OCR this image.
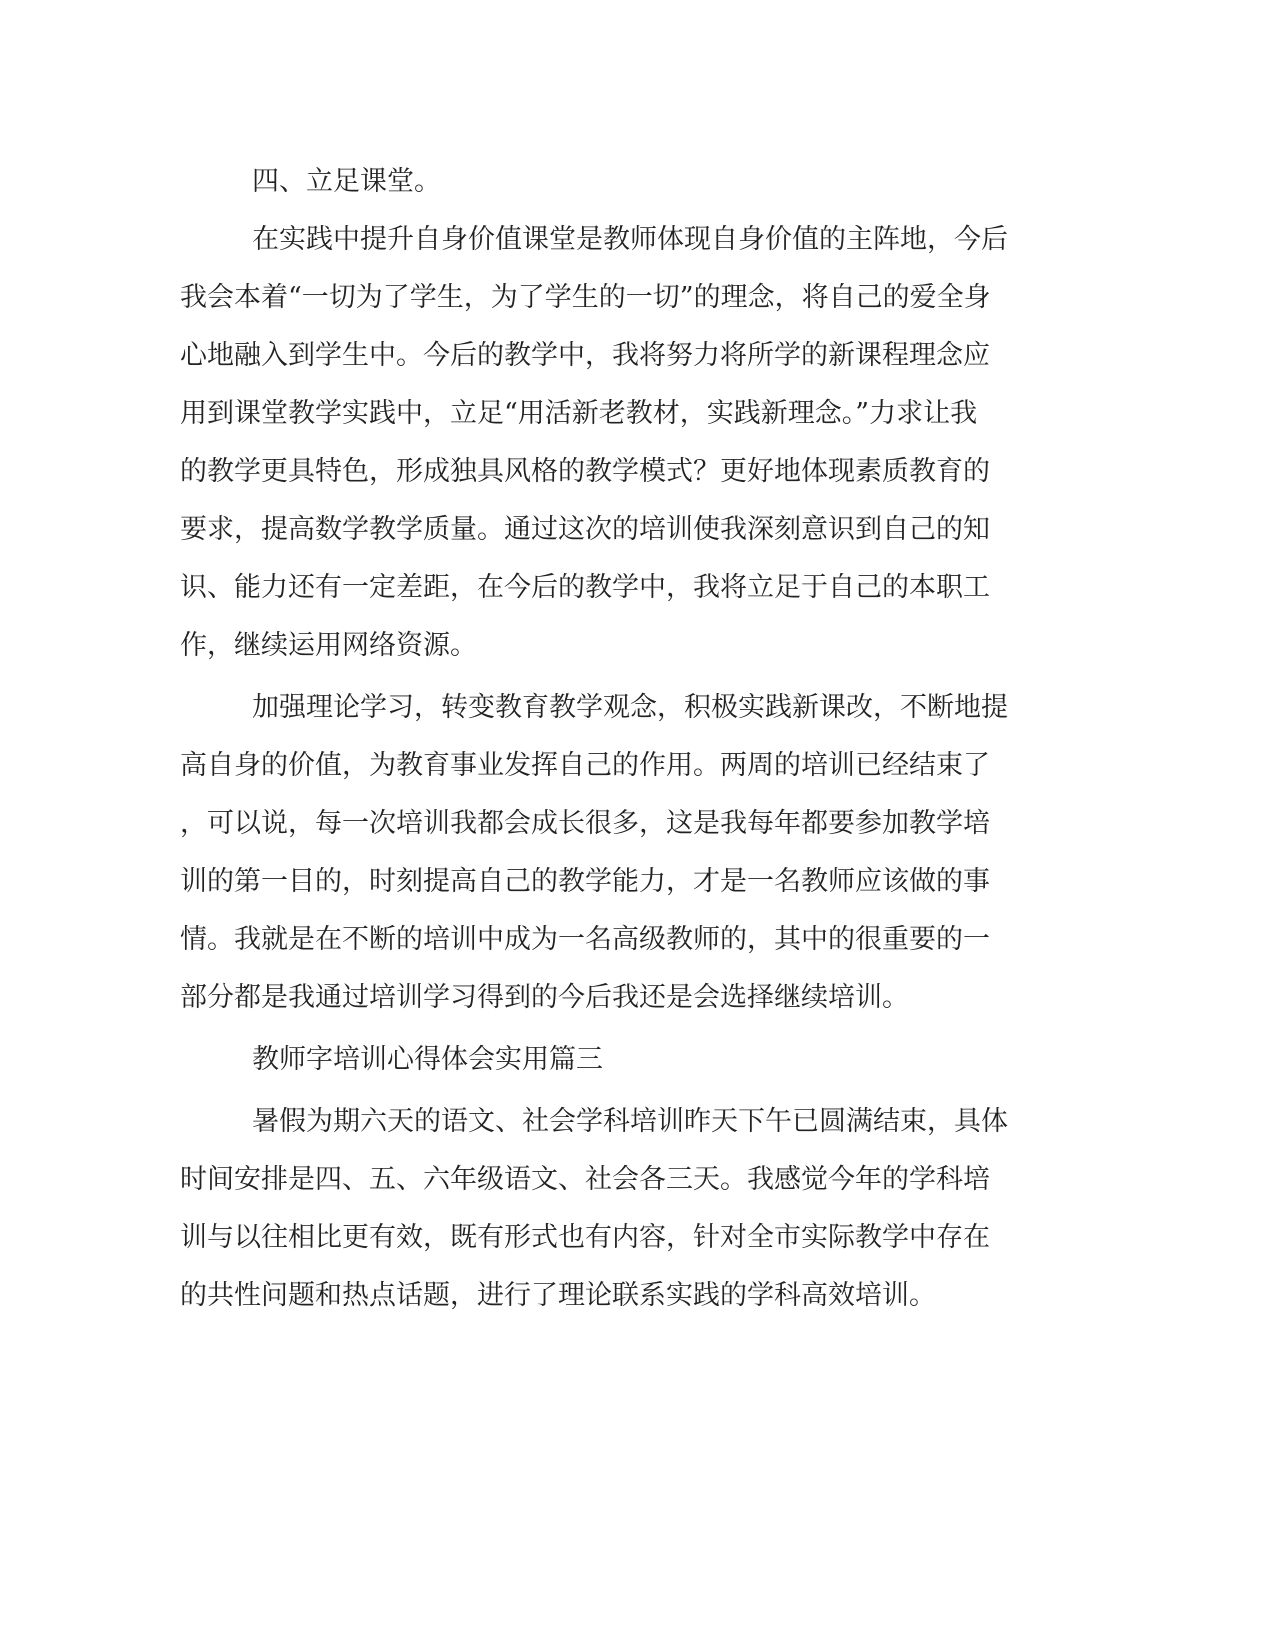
四、立足课堂。
在实践中提升自身价值课堂是教师体现自身价值的主阵地，今后
我会本着“一切为了学生，为了学生的一切”的理念，将自己的爱全身
心地融入到学生中。今后的教学中，我将努力将所学的新课程理念应
用到课堂教学实践中，立足“用活新老教材，实践新理念。”力求让我
的教学更具特色，形成独具风格的教学模式？更好地体现素质教育的
要求，提高数学教学质量。通过这次的培训使我深刻意识到自己的知
识、能力还有一定差距，在今后的教学中，我将立足于自己的本职工
作，继续运用网络资源。
加强理论学习，转变教育教学观念，积极实践新课改，不断地提
高自身的价值，为教育事业发挥自己的作用。两周的培训已经结束了
，可以说，每一次培训我都会成长很多，这是我每年都要参加教学培
训的第一目的，时刻提高自己的教学能力，才是一名教师应该做的事
情。我就是在不断的培训中成为一名高级教师的，其中的很重要的一
部分都是我通过培训学习得到的今后我还是会选择继续培训。
教师字培训心得体会实用篇三
暑假为期六天的语文、社会学科培训昨天下午已圆满结束，具体
时间安排是四、五、六年级语文、社会各三天。我感觉今年的学科培
训与以往相比更有效，既有形式也有内容，针对全市实际教学中存在
的共性问题和热点话题，进行了理论联系实践的学科高效培训。
